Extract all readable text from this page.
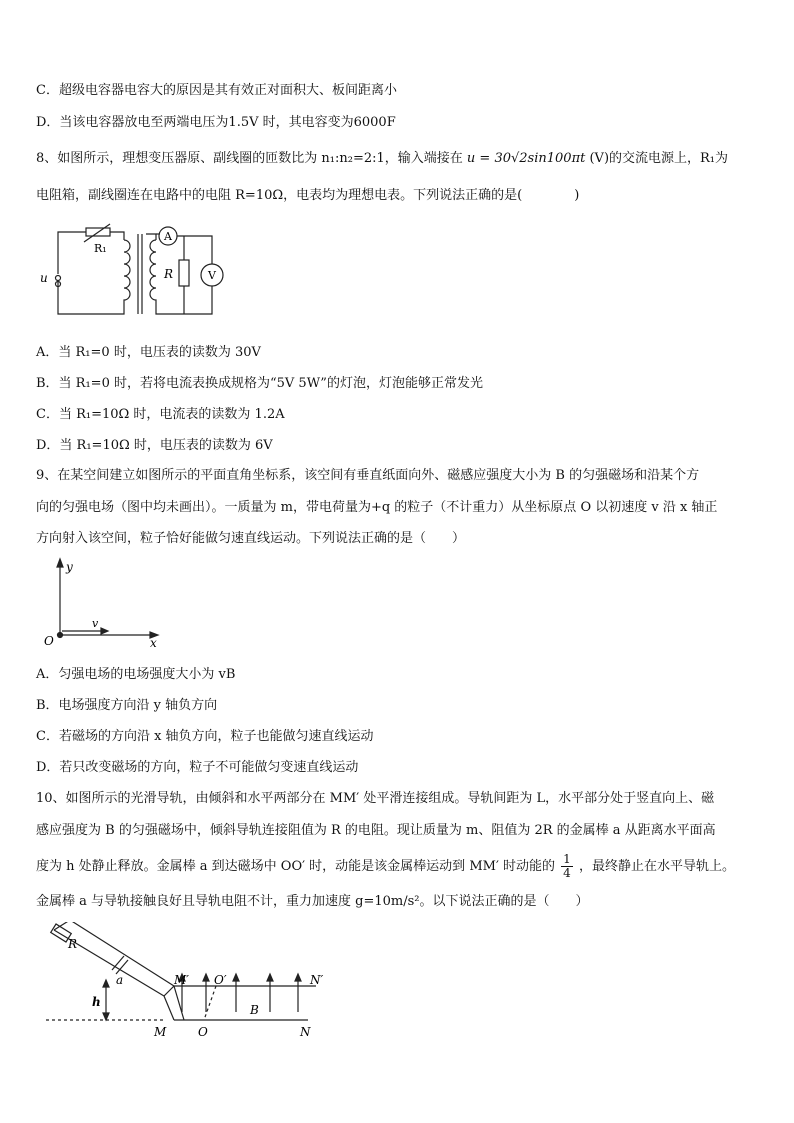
C．超级电容器电容大的原因是其有效正对面积大、板间距离小
D．当该电容器放电至两端电压为1.5V 时，其电容变为6000F
8、如图所示，理想变压器原、副线圈的匝数比为 n₁:n₂=2:1，输入端接在 u = 30√2sin100πt (V)的交流电源上，R₁为
电阻箱，副线圈连在电路中的电阻 R=10Ω，电表均为理想电表。下列说法正确的是(　　　　)
R₁
u
A
R	V
A．当 R₁=0 时，电压表的读数为 30V
B．当 R₁=0 时，若将电流表换成规格为“5V 5W”的灯泡，灯泡能够正常发光
C．当 R₁=10Ω 时，电流表的读数为 1.2A
D．当 R₁=10Ω 时，电压表的读数为 6V
9、在某空间建立如图所示的平面直角坐标系，该空间有垂直纸面向外、磁感应强度大小为 B 的匀强磁场和沿某个方
向的匀强电场（图中均未画出）。一质量为 m，带电荷量为+q 的粒子（不计重力）从坐标原点 O 以初速度 v 沿 x 轴正
方向射入该空间，粒子恰好能做匀速直线运动。下列说法正确的是（　　）
y
O
v
x
A．匀强电场的电场强度大小为 vB
B．电场强度方向沿 y 轴负方向
C．若磁场的方向沿 x 轴负方向，粒子也能做匀速直线运动
D．若只改变磁场的方向，粒子不可能做匀变速直线运动
10、如图所示的光滑导轨，由倾斜和水平两部分在 MM′ 处平滑连接组成。导轨间距为 L，水平部分处于竖直向上、磁
感应强度为 B 的匀强磁场中，倾斜导轨连接阻值为 R 的电阻。现让质量为 m、阻值为 2R 的金属棒 a 从距离水平面高
度为 h 处静止释放。金属棒 a 到达磁场中 OO′ 时，动能是该金属棒运动到 MM′ 时动能的 $\frac{1}{4}$ ，最终静止在水平导轨上。
金属棒 a 与导轨接触良好且导轨电阻不计，重力加速度 g=10m/s²。以下说法正确的是（　　）
R
a
h
M′ O′
B
N′
M	O	N
